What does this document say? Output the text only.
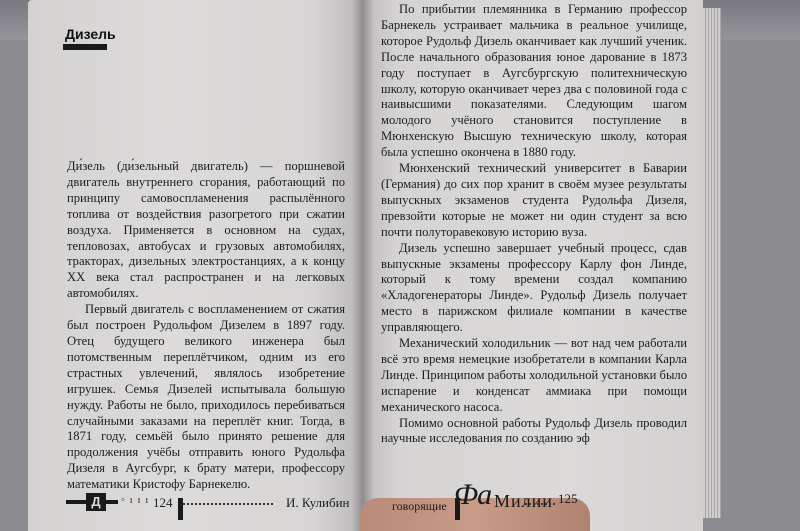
Дизель

Ди́зель (ди́зельный двигатель) — поршневой двигатель внутреннего сгорания, работающий по принципу самовоспламенения распылённого топлива от воздействия разогретого при сжатии воздуха. Применяется в основном на судах, тепловозах, автобусах и грузовых автомобилях, тракторах, дизельных электростанциях, а к концу XX века стал распространен и на легковых автомобилях.

Первый двигатель с воспламенением от сжатия был построен Рудольфом Дизелем в 1897 году. Отец будущего великого инженера был потомственным переплётчиком, одним из его страстных увлечений, являлось изобретение игрушек. Семья Дизелей испытывала большую нужду. Работы не было, приходилось перебиваться случайными заказами на переплёт книг. Тогда, в 1871 году, семьёй было принято решение для продолжения учёбы отправить юного Рудольфа Дизеля в Аугсбург, к брату матери, профессору математики Кристофу Барнекелю.

По прибытии племянника в Германию профессор Барнекель устраивает мальчика в реальное училище, которое Рудольф Дизель оканчивает как лучший ученик. После начального образования юное дарование в 1873 году поступает в Аугсбургскую политехническую школу, которую оканчивает через два с половиной года с наивысшими показателями. Следующим шагом молодого учёного становится поступление в Мюнхенскую Высшую техническую школу, которая была успешно окончена в 1880 году.

Мюнхенский технический университет в Баварии (Германия) до сих пор хранит в своём музее результаты выпускных экзаменов студента Рудольфа Дизеля, превзойти которые не может ни один студент за всю почти полуторавековую историю вуза.

Дизель успешно завершает учебный процесс, сдав выпускные экзамены профессору Карлу фон Линде, который к тому времени создал компанию «Хладогенераторы Линде». Рудольф Дизель получает место в парижском филиале компании в качестве управляющего.

Механический холодильник — вот над чем работали всё это время немецкие изобретатели в компании Карла Линде. Принципом работы холодильной установки было испарение и конденсат аммиака при помощи механического насоса.

Помимо основной работы Рудольф Дизель проводил научные исследования по созданию эф

Д	◦ ı ı ı 124	И. Кулибин	говорящие Фа Милии 125
